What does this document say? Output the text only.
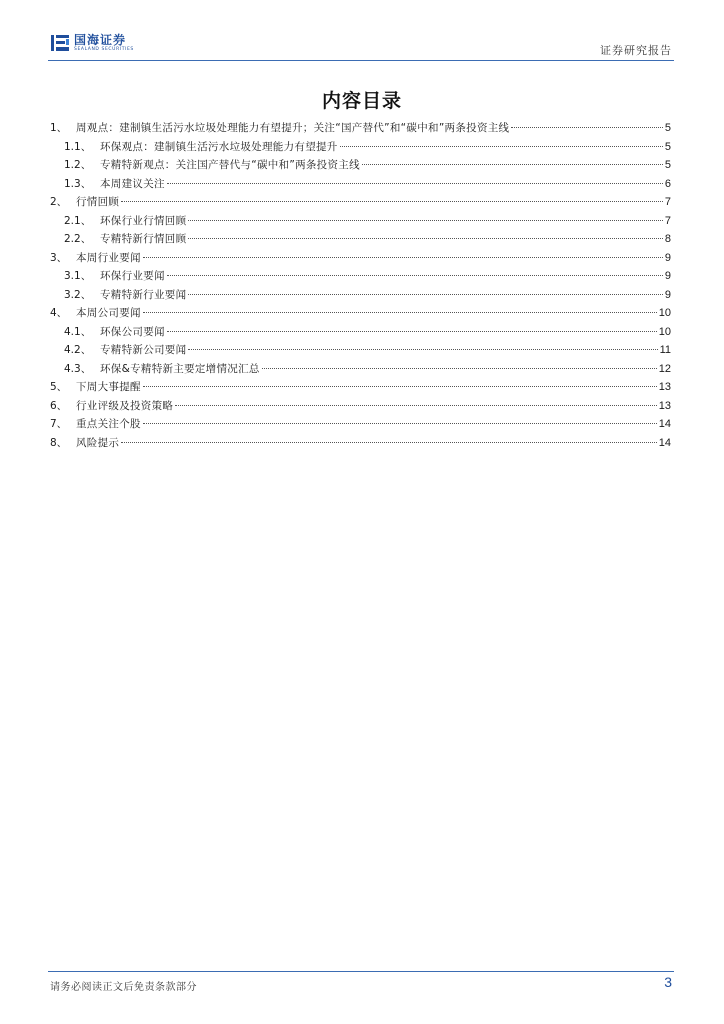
国海证券
SEALAND SECURITIES	证券研究报告
内容目录
1、 周观点：建制镇生活污水垃圾处理能力有望提升；关注“国产替代”和“碳中和”两条投资主线	5
1.1、 环保观点：建制镇生活污水垃圾处理能力有望提升	5
1.2、 专精特新观点：关注国产替代与“碳中和”两条投资主线	5
1.3、 本周建议关注	6
2、 行情回顾	7
2.1、 环保行业行情回顾	7
2.2、 专精特新行情回顾	8
3、 本周行业要闻	9
3.1、 环保行业要闻	9
3.2、 专精特新行业要闻	9
4、 本周公司要闻	10
4.1、 环保公司要闻	10
4.2、 专精特新公司要闻	11
4.3、 环保&专精特新主要定增情况汇总	12
5、 下周大事提醒	13
6、 行业评级及投资策略	13
7、 重点关注个股	14
8、 风险提示	14
请务必阅读正文后免责条款部分	3
